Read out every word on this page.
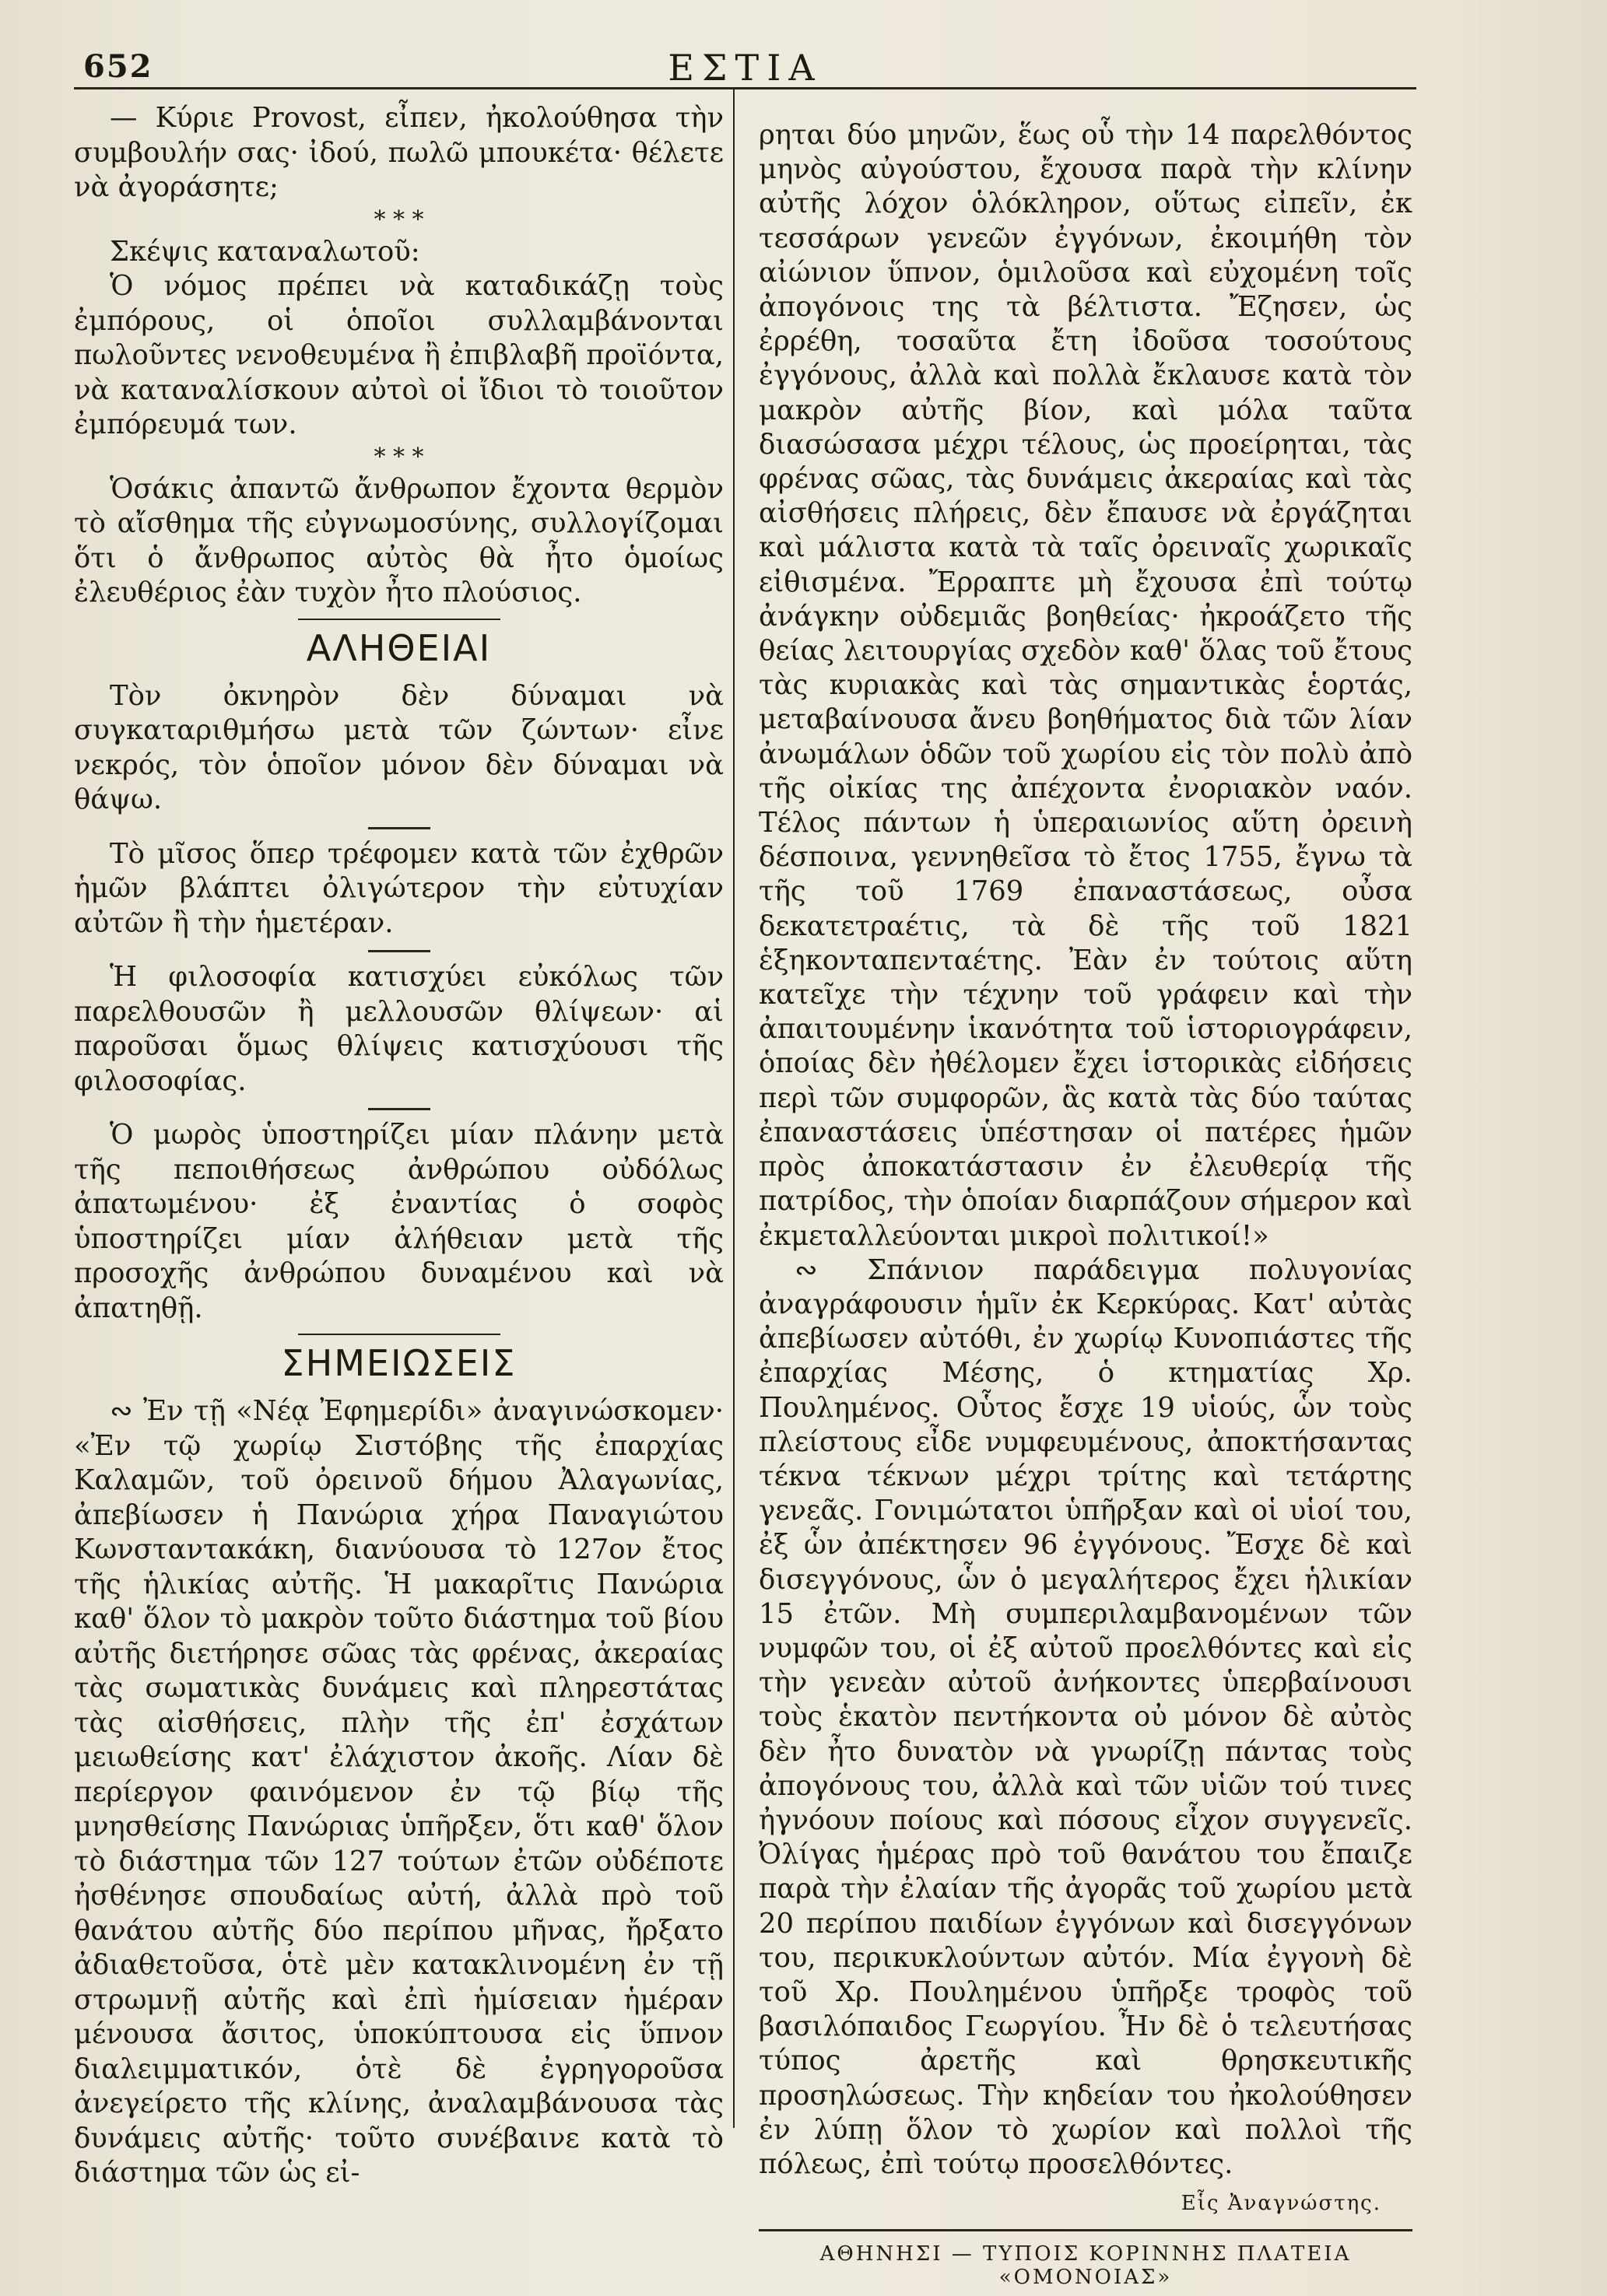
652	ΕΣΤΙΑ

— Κύριε Provost, εἶπεν, ἠκολούθησα τὴν συμβουλήν σας· ἰδού, πωλῶ μπουκέτα· θέλετε νὰ ἀγοράσητε;

* * *

Σκέψις καταναλωτοῦ:

Ὁ νόμος πρέπει νὰ καταδικάζῃ τοὺς ἐμπόρους, οἱ ὁποῖοι συλλαμβάνονται πωλοῦντες νενοθευμένα ἢ ἐπιβλαβῆ προϊόντα, νὰ καταναλίσκουν αὐτοὶ οἱ ἴδιοι τὸ τοιοῦτον ἐμπόρευμά των.

* * *

Ὁσάκις ἀπαντῶ ἄνθρωπον ἔχοντα θερμὸν τὸ αἴσθημα τῆς εὐγνωμοσύνης, συλλογίζομαι ὅτι ὁ ἄνθρωπος αὐτὸς θὰ ἦτο ὁμοίως ἐλευθέριος ἐὰν τυχὸν ἦτο πλούσιος.

ΑΛΗΘΕΙΑΙ

Τὸν ὀκνηρὸν δὲν δύναμαι νὰ συγκαταριθμήσω μετὰ τῶν ζώντων· εἶνε νεκρός, τὸν ὁποῖον μόνον δὲν δύναμαι νὰ θάψω.

Τὸ μῖσος ὅπερ τρέφομεν κατὰ τῶν ἐχθρῶν ἡμῶν βλάπτει ὀλιγώτερον τὴν εὐτυχίαν αὐτῶν ἢ τὴν ἡμετέραν.

Ἡ φιλοσοφία κατισχύει εὐκόλως τῶν παρελθουσῶν ἢ μελλουσῶν θλίψεων· αἱ παροῦσαι ὅμως θλίψεις κατισχύουσι τῆς φιλοσοφίας.

Ὁ μωρὸς ὑποστηρίζει μίαν πλάνην μετὰ τῆς πεποιθήσεως ἀνθρώπου οὐδόλως ἀπατωμένου· ἐξ ἐναντίας ὁ σοφὸς ὑποστηρίζει μίαν ἀλήθειαν μετὰ τῆς προσοχῆς ἀνθρώπου δυναμένου καὶ νὰ ἀπατηθῇ.

ΣΗΜΕΙΩΣΕΙΣ

∾ Ἐν τῇ «Νέᾳ Ἐφημερίδι» ἀναγινώσκομεν· «Ἐν τῷ χωρίῳ Σιστόβης τῆς ἐπαρχίας Καλαμῶν, τοῦ ὀρεινοῦ δήμου Ἀλαγωνίας, ἀπεβίωσεν ἡ Πανώρια χήρα Παναγιώτου Κωνσταντακάκη, διανύουσα τὸ 127ον ἔτος τῆς ἡλικίας αὐτῆς. Ἡ μακαρῖτις Πανώρια καθ' ὅλον τὸ μακρὸν τοῦτο διάστημα τοῦ βίου αὐτῆς διετήρησε σῶας τὰς φρένας, ἀκεραίας τὰς σωματικὰς δυνάμεις καὶ πληρεστάτας τὰς αἰσθήσεις, πλὴν τῆς ἐπ' ἐσχάτων μειωθείσης κατ' ἐλάχιστον ἀκοῆς. Λίαν δὲ περίεργον φαινόμενον ἐν τῷ βίῳ τῆς μνησθείσης Πανώριας ὑπῆρξεν, ὅτι καθ' ὅλον τὸ διάστημα τῶν 127 τούτων ἐτῶν οὐδέποτε ἠσθένησε σπουδαίως αὐτή, ἀλλὰ πρὸ τοῦ θανάτου αὐτῆς δύο περίπου μῆνας, ἤρξατο ἀδιαθετοῦσα, ὁτὲ μὲν κατακλινομένη ἐν τῇ στρωμνῇ αὐτῆς καὶ ἐπὶ ἡμίσειαν ἡμέραν μένουσα ἄσιτος, ὑποκύπτουσα εἰς ὕπνον διαλειμματικόν, ὁτὲ δὲ ἐγρηγοροῦσα ἀνεγείρετο τῆς κλίνης, ἀναλαμβάνουσα τὰς δυνάμεις αὐτῆς· τοῦτο συνέβαινε κατὰ τὸ διάστημα τῶν ὡς εἰ-

ρηται δύο μηνῶν, ἕως οὗ τὴν 14 παρελθόντος μηνὸς αὐγούστου, ἔχουσα παρὰ τὴν κλίνην αὐτῆς λόχον ὁλόκληρον, οὕτως εἰπεῖν, ἐκ τεσσάρων γενεῶν ἐγγόνων, ἐκοιμήθη τὸν αἰώνιον ὕπνον, ὁμιλοῦσα καὶ εὐχομένη τοῖς ἀπογόνοις της τὰ βέλτιστα. Ἔζησεν, ὡς ἐρρέθη, τοσαῦτα ἔτη ἰδοῦσα τοσούτους ἐγγόνους, ἀλλὰ καὶ πολλὰ ἔκλαυσε κατὰ τὸν μακρὸν αὐτῆς βίον, καὶ μόλα ταῦτα διασώσασα μέχρι τέλους, ὡς προείρηται, τὰς φρένας σῶας, τὰς δυνάμεις ἀκεραίας καὶ τὰς αἰσθήσεις πλήρεις, δὲν ἔπαυσε νὰ ἐργάζηται καὶ μάλιστα κατὰ τὰ ταῖς ὀρειναῖς χωρικαῖς εἰθισμένα. Ἔρραπτε μὴ ἔχουσα ἐπὶ τούτῳ ἀνάγκην οὐδεμιᾶς βοηθείας· ἠκροάζετο τῆς θείας λειτουργίας σχεδὸν καθ' ὅλας τοῦ ἔτους τὰς κυριακὰς καὶ τὰς σημαντικὰς ἑορτάς, μεταβαίνουσα ἄνευ βοηθήματος διὰ τῶν λίαν ἀνωμάλων ὁδῶν τοῦ χωρίου εἰς τὸν πολὺ ἀπὸ τῆς οἰκίας της ἀπέχοντα ἐνοριακὸν ναόν. Τέλος πάντων ἡ ὑπεραιωνίος αὕτη ὀρεινὴ δέσποινα, γεννηθεῖσα τὸ ἔτος 1755, ἔγνω τὰ τῆς τοῦ 1769 ἐπαναστάσεως, οὖσα δεκατετραέτις, τὰ δὲ τῆς τοῦ 1821 ἑξηκονταπενταέτης. Ἐὰν ἐν τούτοις αὕτη κατεῖχε τὴν τέχνην τοῦ γράφειν καὶ τὴν ἀπαιτουμένην ἱκανότητα τοῦ ἱστοριογράφειν, ὁποίας δὲν ἠθέλομεν ἔχει ἱστορικὰς εἰδήσεις περὶ τῶν συμφορῶν, ἃς κατὰ τὰς δύο ταύτας ἐπαναστάσεις ὑπέστησαν οἱ πατέρες ἡμῶν πρὸς ἀποκατάστασιν ἐν ἐλευθερίᾳ τῆς πατρίδος, τὴν ὁποίαν διαρπάζουν σήμερον καὶ ἐκμεταλλεύονται μικροὶ πολιτικοί!»

∾ Σπάνιον παράδειγμα πολυγονίας ἀναγράφουσιν ἡμῖν ἐκ Κερκύρας. Κατ' αὐτὰς ἀπεβίωσεν αὐτόθι, ἐν χωρίῳ Κυνοπιάστες τῆς ἐπαρχίας Μέσης, ὁ κτηματίας Χρ. Πουλημένος. Οὗτος ἔσχε 19 υἱούς, ὧν τοὺς πλείστους εἶδε νυμφευμένους, ἀποκτήσαντας τέκνα τέκνων μέχρι τρίτης καὶ τετάρτης γενεᾶς. Γονιμώτατοι ὑπῆρξαν καὶ οἱ υἱοί του, ἐξ ὧν ἀπέκτησεν 96 ἐγγόνους. Ἔσχε δὲ καὶ δισεγγόνους, ὧν ὁ μεγαλήτερος ἔχει ἡλικίαν 15 ἐτῶν. Μὴ συμπεριλαμβανομένων τῶν νυμφῶν του, οἱ ἐξ αὐτοῦ προελθόντες καὶ εἰς τὴν γενεὰν αὐτοῦ ἀνήκοντες ὑπερβαίνουσι τοὺς ἑκατὸν πεντήκοντα οὐ μόνον δὲ αὐτὸς δὲν ἦτο δυνατὸν νὰ γνωρίζῃ πάντας τοὺς ἀπογόνους του, ἀλλὰ καὶ τῶν υἱῶν τού τινες ἠγνόουν ποίους καὶ πόσους εἶχον συγγενεῖς. Ὀλίγας ἡμέρας πρὸ τοῦ θανάτου του ἔπαιζε παρὰ τὴν ἐλαίαν τῆς ἀγορᾶς τοῦ χωρίου μετὰ 20 περίπου παιδίων ἐγγόνων καὶ δισεγγόνων του, περικυκλούντων αὐτόν. Μία ἐγγονὴ δὲ τοῦ Χρ. Πουλημένου ὑπῆρξε τροφὸς τοῦ βασιλόπαιδος Γεωργίου. Ἦν δὲ ὁ τελευτήσας τύπος ἀρετῆς καὶ θρησκευτικῆς προσηλώσεως. Τὴν κηδείαν του ἠκολούθησεν ἐν λύπῃ ὅλον τὸ χωρίον καὶ πολλοὶ τῆς πόλεως, ἐπὶ τούτῳ προσελθόντες.

Εἷς Ἀναγνώστης.
ΑΘΗΝΗΣΙ — ΤΥΠΟΙΣ ΚΟΡΙΝΝΗΣ ΠΛΑΤΕΙΑ «ΟΜΟΝΟΙΑΣ»
